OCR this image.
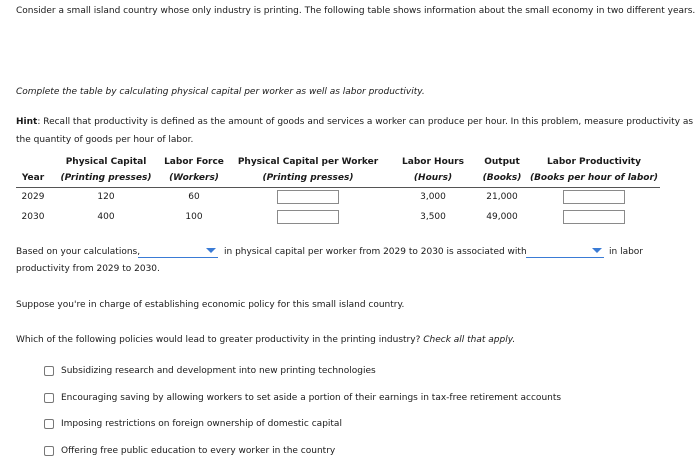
Consider a small island country whose only industry is printing. The following table shows information about the small economy in two different years.
Complete the table by calculating physical capital per worker as well as labor productivity.
Hint: Recall that productivity is defined as the amount of goods and services a worker can produce per hour. In this problem, measure productivity as the quantity of goods per hour of labor.
	Physical Capital	Labor Force	Physical Capital per Worker	Labor Hours	Output	Labor Productivity
Year	(Printing presses)	(Workers)	(Printing presses)	(Hours)	(Books)	(Books per hour of labor)
2029	120	60		3,000	21,000	
2030	400	100		3,500	49,000	
Based on your calculations,	in physical capital per worker from 2029 to 2030 is associated with	in labor
productivity from 2029 to 2030.
Suppose you're in charge of establishing economic policy for this small island country.
Which of the following policies would lead to greater productivity in the printing industry? Check all that apply.
Subsidizing research and development into new printing technologies
Encouraging saving by allowing workers to set aside a portion of their earnings in tax-free retirement accounts
Imposing restrictions on foreign ownership of domestic capital
Offering free public education to every worker in the country
